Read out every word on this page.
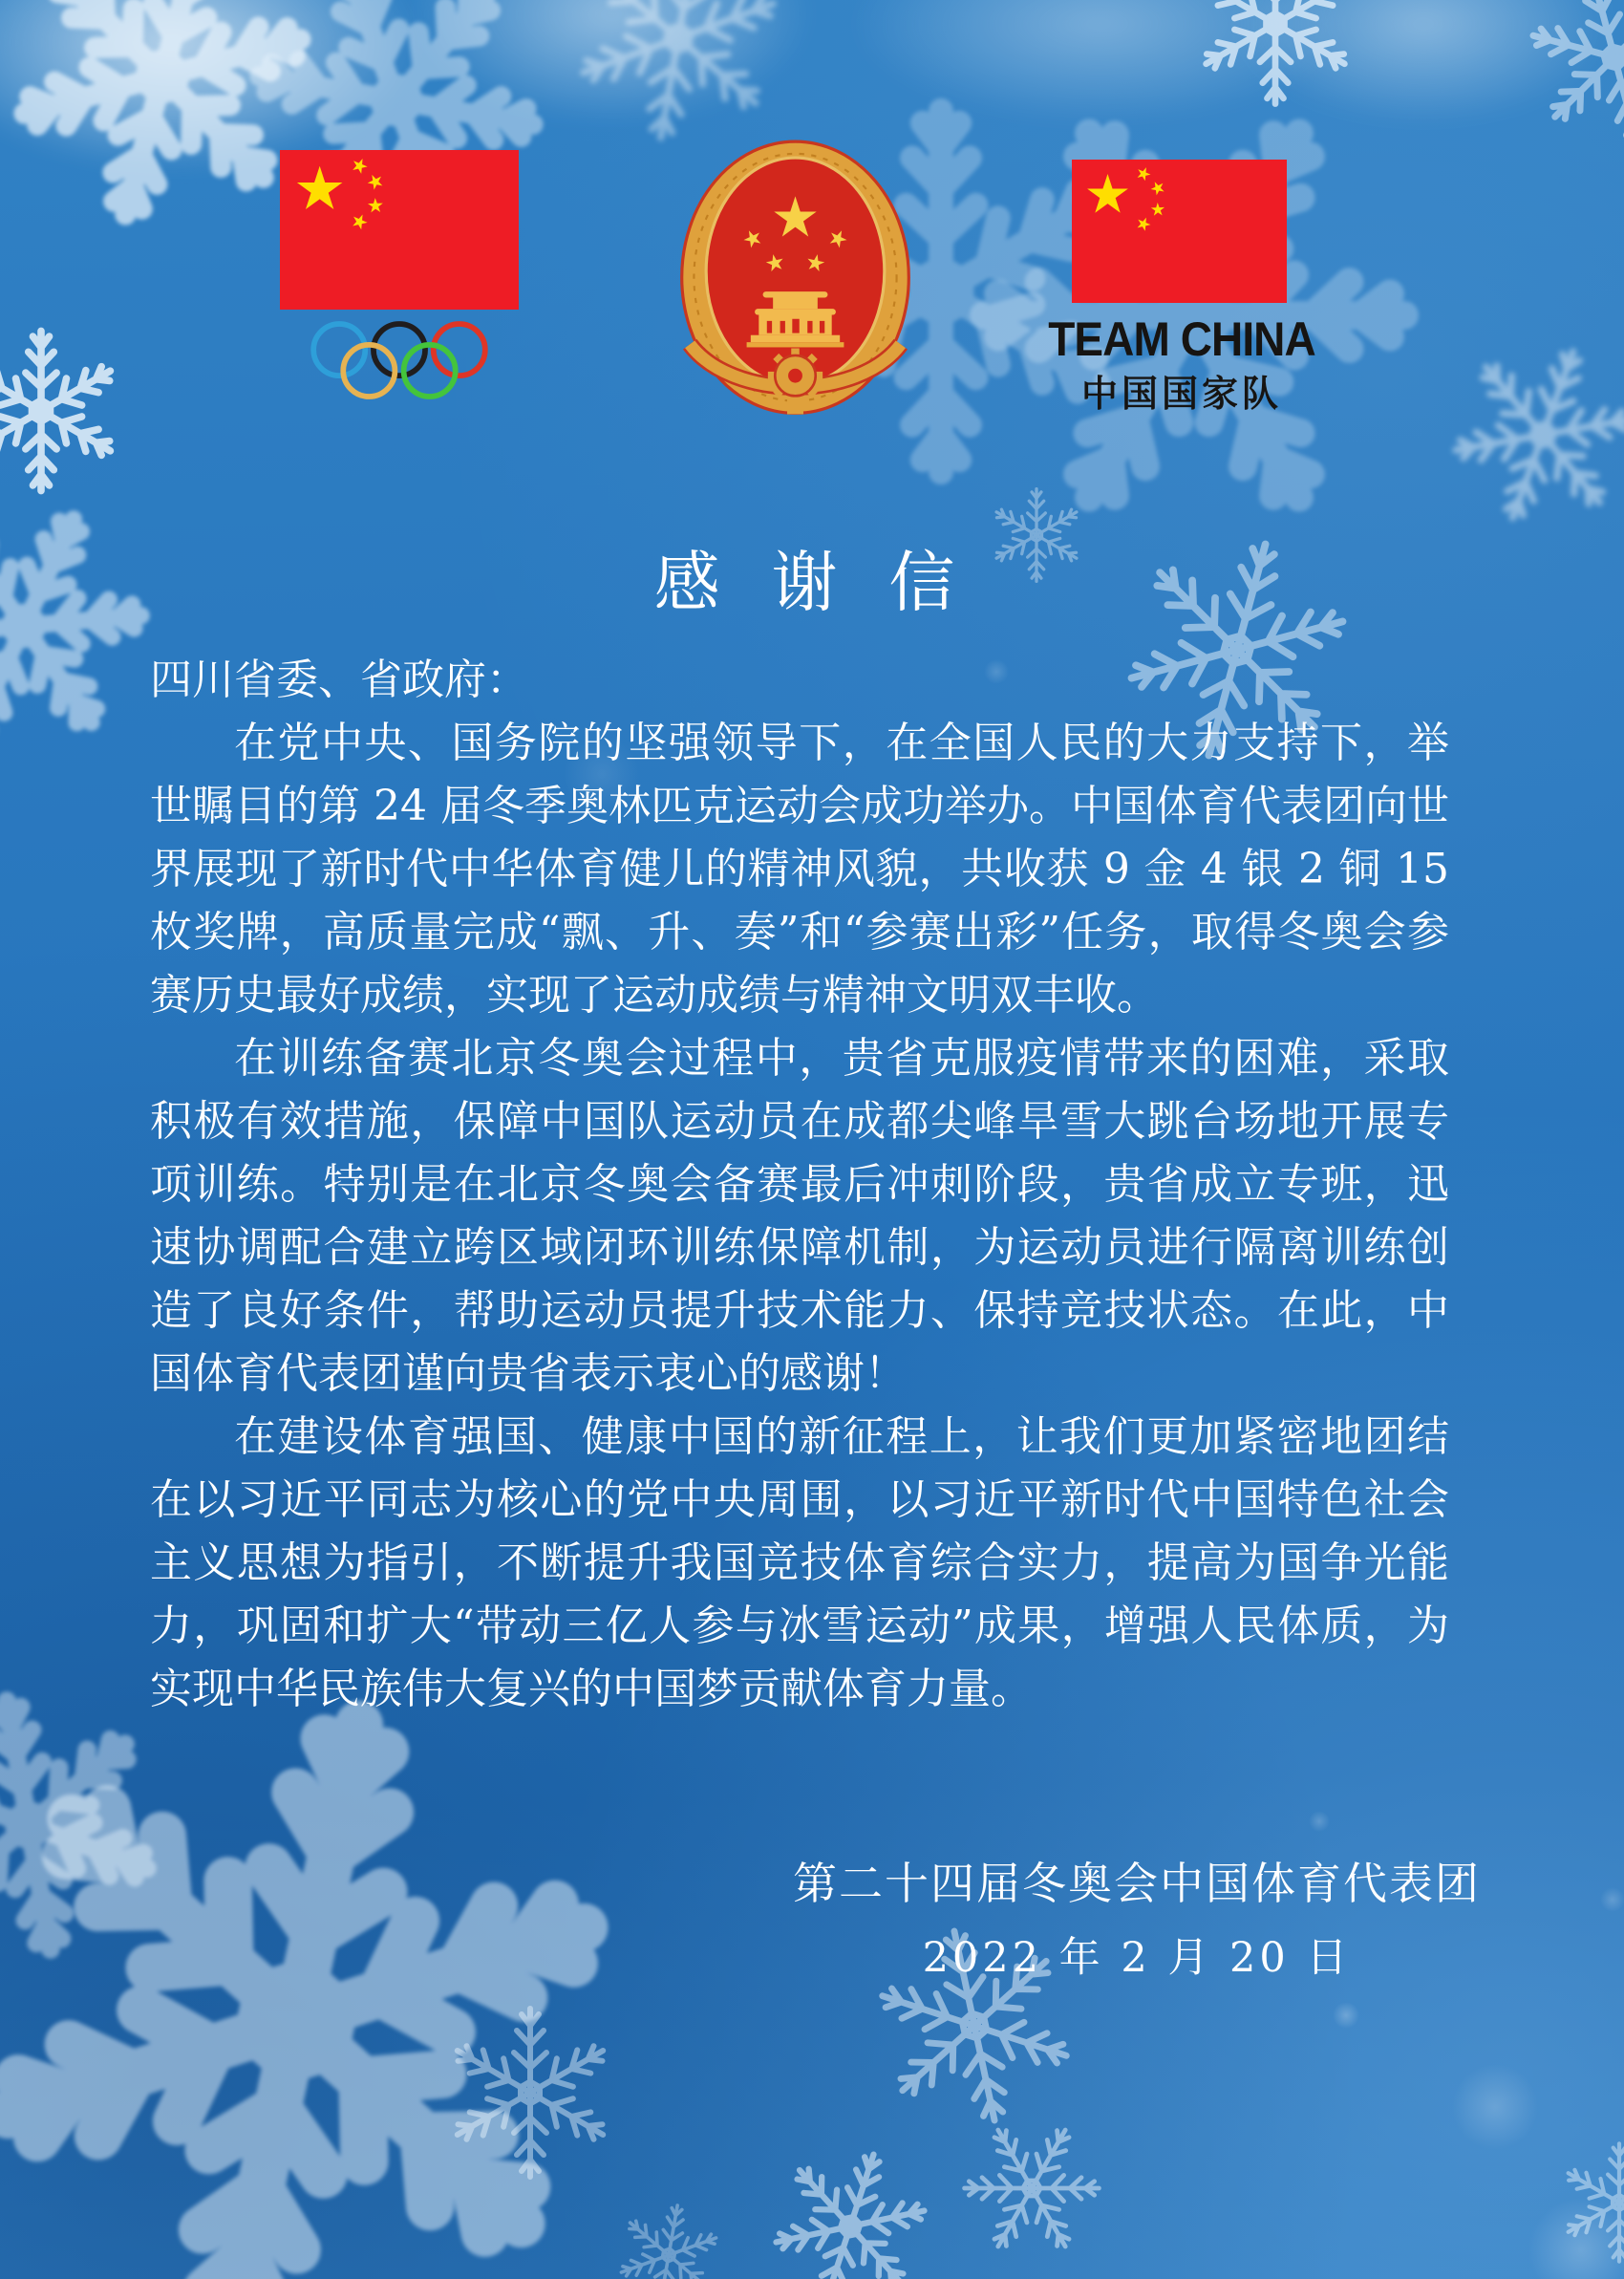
TEAM CHINA
中国国家队
感 谢 信

四川省委、省政府：

在党中央、国务院的坚强领导下，在全国人民的大力支持下，举世瞩目的第 24 届冬季奥林匹克运动会成功举办。中国体育代表团向世界展现了新时代中华体育健儿的精神风貌，共收获 9 金 4 银 2 铜 15 枚奖牌，高质量完成“飘、升、奏”和“参赛出彩”任务，取得冬奥会参赛历史最好成绩，实现了运动成绩与精神文明双丰收。

在训练备赛北京冬奥会过程中，贵省克服疫情带来的困难，采取积极有效措施，保障中国队运动员在成都尖峰旱雪大跳台场地开展专项训练。特别是在北京冬奥会备赛最后冲刺阶段，贵省成立专班，迅速协调配合建立跨区域闭环训练保障机制，为运动员进行隔离训练创造了良好条件，帮助运动员提升技术能力、保持竞技状态。在此，中国体育代表团谨向贵省表示衷心的感谢！

在建设体育强国、健康中国的新征程上，让我们更加紧密地团结在以习近平同志为核心的党中央周围，以习近平新时代中国特色社会主义思想为指引，不断提升我国竞技体育综合实力，提高为国争光能力，巩固和扩大“带动三亿人参与冰雪运动”成果，增强人民体质，为实现中华民族伟大复兴的中国梦贡献体育力量。

第二十四届冬奥会中国体育代表团
2022 年 2 月 20 日
